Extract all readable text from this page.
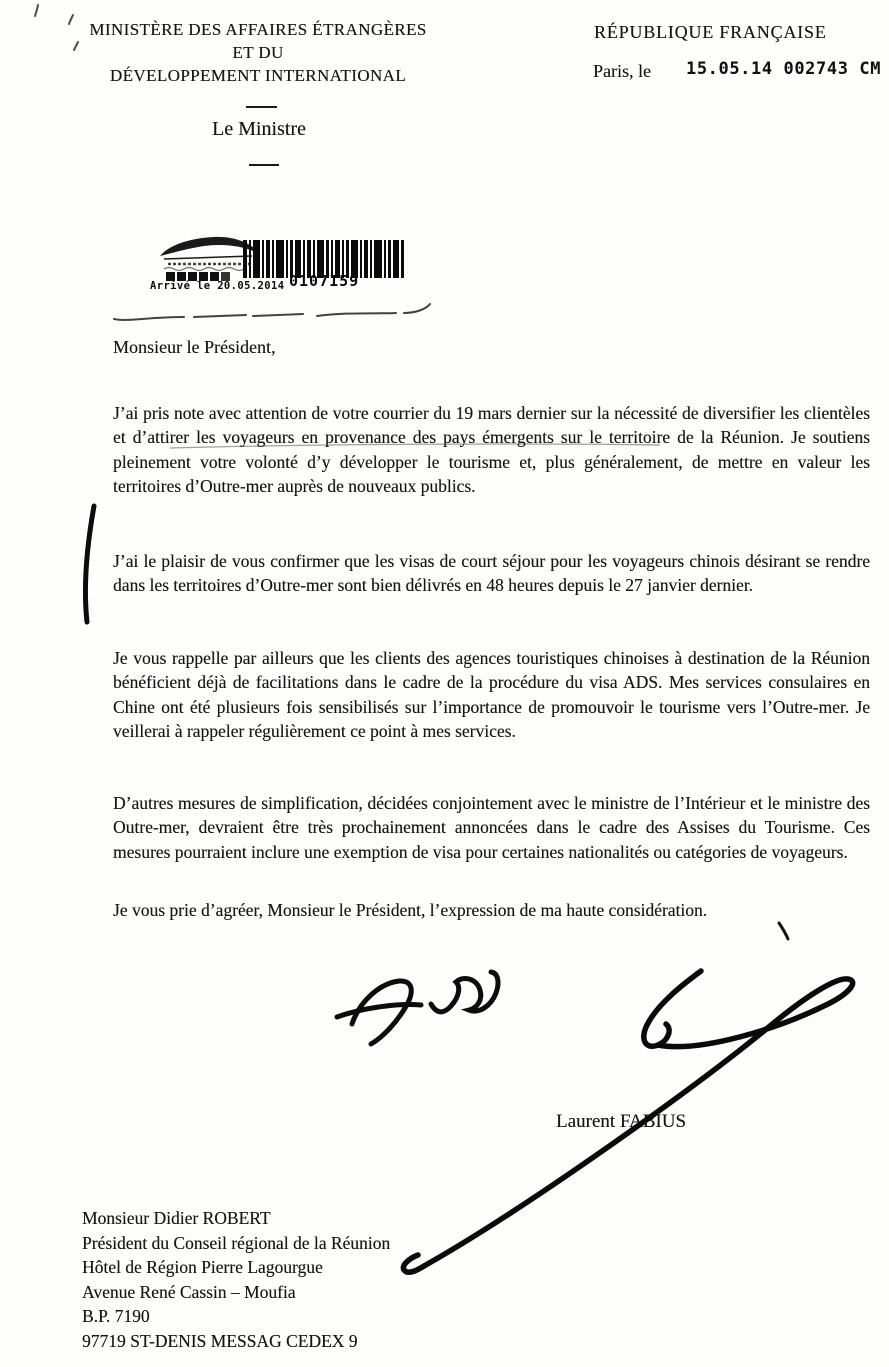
MINISTÈRE DES AFFAIRES ÉTRANGÈRES
ET DU
DÉVELOPPEMENT INTERNATIONAL
Le Ministre
RÉPUBLIQUE FRANÇAISE
Paris, le 15.05.14 002743 CM
Arrivé le 20.05.2014 0107159
Monsieur le Président,
J’ai pris note avec attention de votre courrier du 19 mars dernier sur la nécessité de diversifier les clientèles et d’attirer les voyageurs en provenance des pays émergents sur le territoire de la Réunion. Je soutiens pleinement votre volonté d’y développer le tourisme et, plus généralement, de mettre en valeur les territoires d’Outre-mer auprès de nouveaux publics.
J’ai le plaisir de vous confirmer que les visas de court séjour pour les voyageurs chinois désirant se rendre dans les territoires d’Outre-mer sont bien délivrés en 48 heures depuis le 27 janvier dernier.
Je vous rappelle par ailleurs que les clients des agences touristiques chinoises à destination de la Réunion bénéficient déjà de facilitations dans le cadre de la procédure du visa ADS. Mes services consulaires en Chine ont été plusieurs fois sensibilisés sur l’importance de promouvoir le tourisme vers l’Outre-mer. Je veillerai à rappeler régulièrement ce point à mes services.
D’autres mesures de simplification, décidées conjointement avec le ministre de l’Intérieur et le ministre des Outre-mer, devraient être très prochainement annoncées dans le cadre des Assises du Tourisme. Ces mesures pourraient inclure une exemption de visa pour certaines nationalités ou catégories de voyageurs.
Je vous prie d’agréer, Monsieur le Président, l’expression de ma haute considération.
Laurent FABIUS
Monsieur Didier ROBERT
Président du Conseil régional de la Réunion
Hôtel de Région Pierre Lagourgue
Avenue René Cassin – Moufia
B.P. 7190
97719 ST-DENIS MESSAG CEDEX 9
